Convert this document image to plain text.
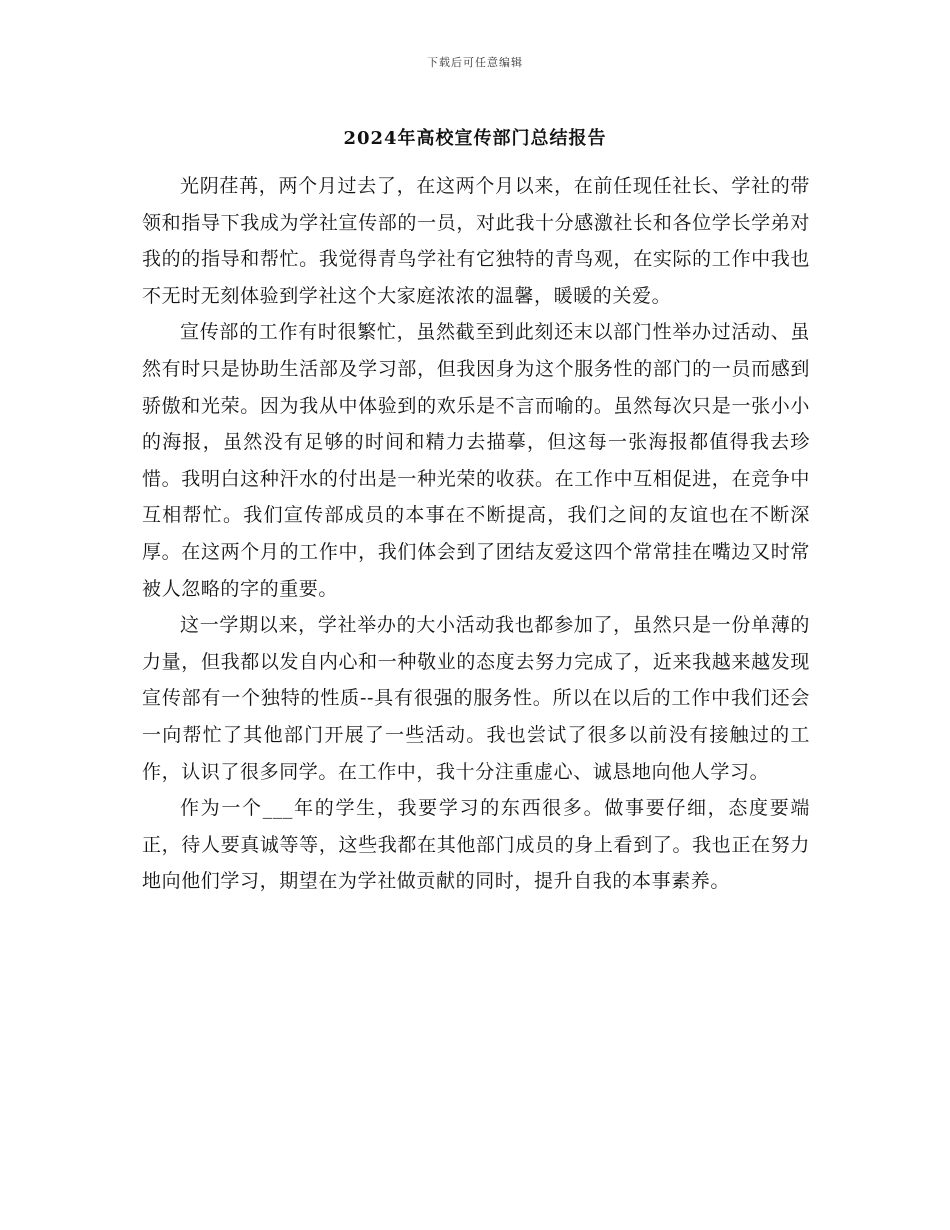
下载后可任意编辑
2024年高校宣传部门总结报告

光阴荏苒，两个月过去了，在这两个月以来，在前任现任社长、学社的带领和指导下我成为学社宣传部的一员，对此我十分感激社长和各位学长学弟对我的的指导和帮忙。我觉得青鸟学社有它独特的青鸟观，在实际的工作中我也不无时无刻体验到学社这个大家庭浓浓的温馨，暖暖的关爱。

宣传部的工作有时很繁忙，虽然截至到此刻还末以部门性举办过活动、虽然有时只是协助生活部及学习部，但我因身为这个服务性的部门的一员而感到骄傲和光荣。因为我从中体验到的欢乐是不言而喻的。虽然每次只是一张小小的海报，虽然没有足够的时间和精力去描摹，但这每一张海报都值得我去珍惜。我明白这种汗水的付出是一种光荣的收获。在工作中互相促进，在竞争中互相帮忙。我们宣传部成员的本事在不断提高，我们之间的友谊也在不断深厚。在这两个月的工作中，我们体会到了团结友爱这四个常常挂在嘴边又时常被人忽略的字的重要。

这一学期以来，学社举办的大小活动我也都参加了，虽然只是一份单薄的力量，但我都以发自内心和一种敬业的态度去努力完成了，近来我越来越发现宣传部有一个独特的性质--具有很强的服务性。所以在以后的工作中我们还会一向帮忙了其他部门开展了一些活动。我也尝试了很多以前没有接触过的工作，认识了很多同学。在工作中，我十分注重虚心、诚恳地向他人学习。

作为一个___年的学生，我要学习的东西很多。做事要仔细，态度要端正，待人要真诚等等，这些我都在其他部门成员的身上看到了。我也正在努力地向他们学习，期望在为学社做贡献的同时，提升自我的本事素养。
